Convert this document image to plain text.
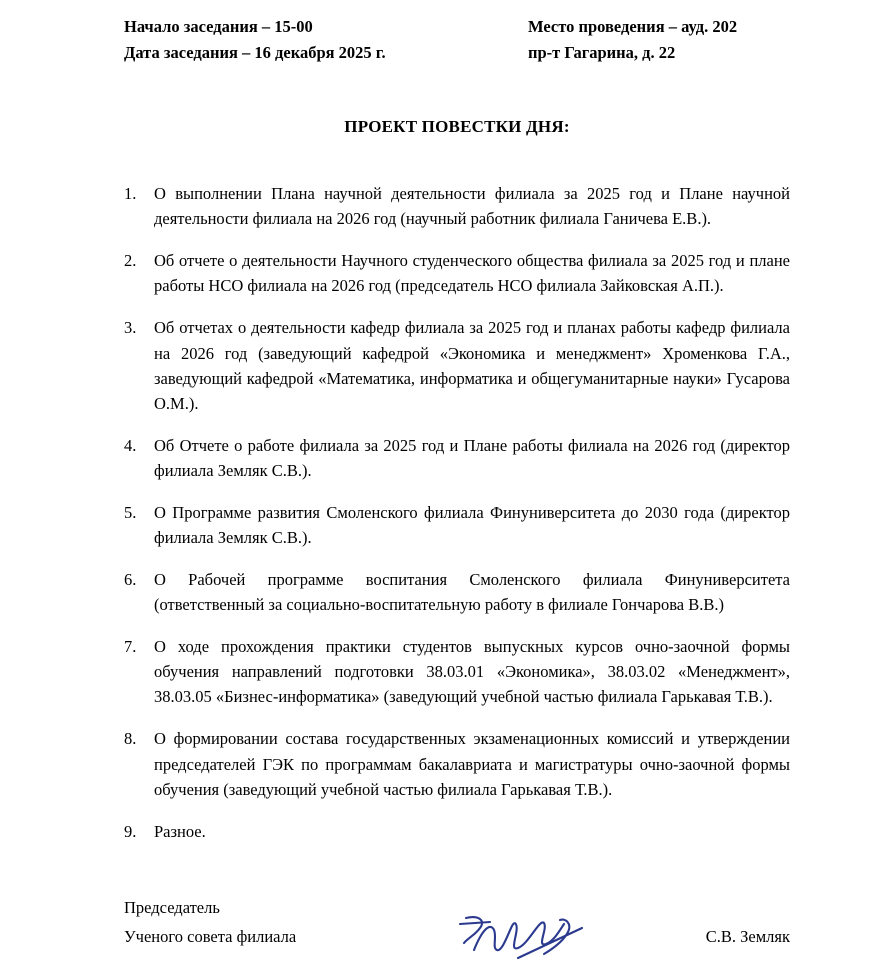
Начало заседания – 15-00
Дата заседания – 16 декабря 2025 г.
Место проведения – ауд. 202
пр-т Гагарина, д. 22
ПРОЕКТ ПОВЕСТКИ ДНЯ:
1.	О выполнении Плана научной деятельности филиала за 2025 год и Плане научной деятельности филиала на 2026 год (научный работник филиала Ганичева Е.В.).
2.	Об отчете о деятельности Научного студенческого общества филиала за 2025 год и плане работы НСО филиала на 2026 год (председатель НСО филиала Зайковская А.П.).
3.	Об отчетах о деятельности кафедр филиала за 2025 год и планах работы кафедр филиала на 2026 год (заведующий кафедрой «Экономика и менеджмент» Хроменкова Г.А., заведующий кафедрой «Математика, информатика и общегуманитарные науки» Гусарова О.М.).
4.	Об Отчете о работе филиала за 2025 год и Плане работы филиала на 2026 год (директор филиала Земляк С.В.).
5.	О Программе развития Смоленского филиала Финуниверситета до 2030 года (директор филиала Земляк С.В.).
6.	О Рабочей программе воспитания Смоленского филиала Финуниверситета (ответственный за социально-воспитательную работу в филиале Гончарова В.В.)
7.	О ходе прохождения практики студентов выпускных курсов очно-заочной формы обучения направлений подготовки 38.03.01 «Экономика», 38.03.02 «Менеджмент», 38.03.05 «Бизнес-информатика» (заведующий учебной частью филиала Гарькавая Т.В.).
8.	О формировании состава государственных экзаменационных комиссий и утверждении председателей ГЭК по программам бакалавриата и магистратуры очно-заочной формы обучения (заведующий учебной частью филиала Гарькавая Т.В.).
9.	Разное.
Председатель
Ученого совета филиала	С.В. Земляк
